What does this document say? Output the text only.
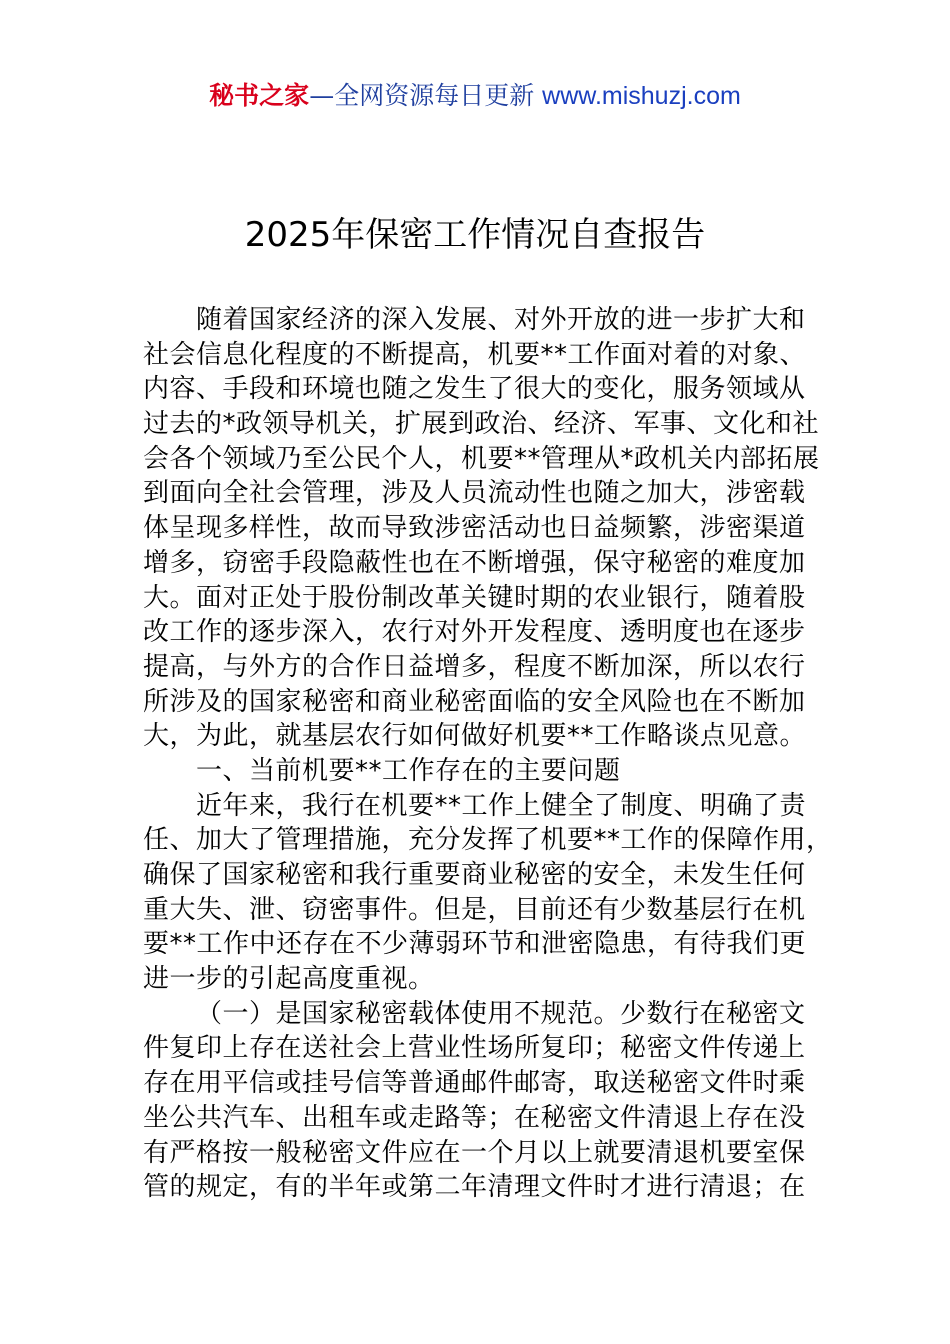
秘书之家—全网资源每日更新 www.mishuzj.com
2025年保密工作情况自查报告
随着国家经济的深入发展、对外开放的进一步扩大和
社会信息化程度的不断提高，机要**工作面对着的对象、
内容、手段和环境也随之发生了很大的变化，服务领域从
过去的*政领导机关，扩展到政治、经济、军事、文化和社
会各个领域乃至公民个人，机要**管理从*政机关内部拓展
到面向全社会管理，涉及人员流动性也随之加大，涉密载
体呈现多样性，故而导致涉密活动也日益频繁，涉密渠道
增多，窃密手段隐蔽性也在不断增强，保守秘密的难度加
大。面对正处于股份制改革关键时期的农业银行，随着股
改工作的逐步深入，农行对外开发程度、透明度也在逐步
提高，与外方的合作日益增多，程度不断加深，所以农行
所涉及的国家秘密和商业秘密面临的安全风险也在不断加
大，为此，就基层农行如何做好机要**工作略谈点见意。
一、当前机要**工作存在的主要问题
近年来，我行在机要**工作上健全了制度、明确了责
任、加大了管理措施，充分发挥了机要**工作的保障作用，
确保了国家秘密和我行重要商业秘密的安全，未发生任何
重大失、泄、窃密事件。但是，目前还有少数基层行在机
要**工作中还存在不少薄弱环节和泄密隐患，有待我们更
进一步的引起高度重视。
（一）是国家秘密载体使用不规范。少数行在秘密文
件复印上存在送社会上营业性场所复印；秘密文件传递上
存在用平信或挂号信等普通邮件邮寄，取送秘密文件时乘
坐公共汽车、出租车或走路等；在秘密文件清退上存在没
有严格按一般秘密文件应在一个月以上就要清退机要室保
管的规定，有的半年或第二年清理文件时才进行清退；在
